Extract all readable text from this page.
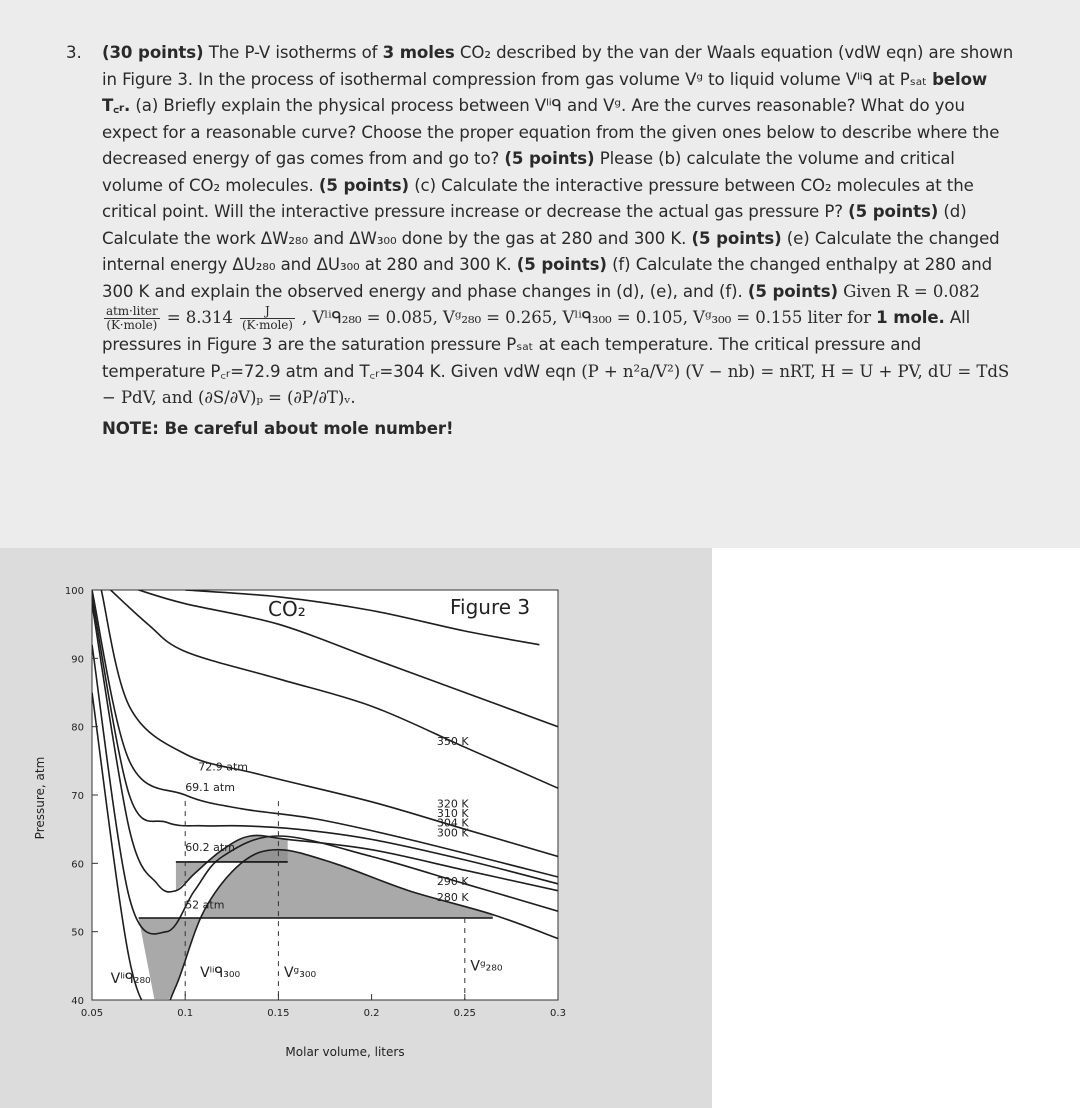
3. (30 points) The P-V isotherms of 3 moles CO₂ described by the van der Waals equation (vdW eqn) are shown in Figure 3. In the process of isothermal compression from gas volume Vᵍ to liquid volume Vˡⁱᑫ at Pₛₐₜ below T꜀ᵣ. (a) Briefly explain the physical process between Vˡⁱᑫ and Vᵍ. Are the curves reasonable? What do you expect for a reasonable curve? Choose the proper equation from the given ones below to describe where the decreased energy of gas comes from and go to? (5 points) Please (b) calculate the volume and critical volume of CO₂ molecules. (5 points) (c) Calculate the interactive pressure between CO₂ molecules at the critical point. Will the interactive pressure increase or decrease the actual gas pressure P? (5 points) (d) Calculate the work ΔW₂₈₀ and ΔW₃₀₀ done by the gas at 280 and 300 K. (5 points) (e) Calculate the changed internal energy ΔU₂₈₀ and ΔU₃₀₀ at 280 and 300 K. (5 points) (f) Calculate the changed enthalpy at 280 and 300 K and explain the observed energy and phase changes in (d), (e), and (f). (5 points) Given R = 0.082
$\frac{\text{atm·liter}}{\text{(K·mole)}} = 8.314 \frac{J}{\text{(K·mole)}}$ , Vˡⁱᑫ₂₈₀ = 0.085, Vᵍ₂₈₀ = 0.265, Vˡⁱᑫ₃₀₀ = 0.105, Vᵍ₃₀₀ = 0.155 liter for 1 mole. All pressures in Figure 3 are the saturation pressure Pₛₐₜ at each temperature. The critical pressure and temperature P꜀ᵣ=72.9 atm and T꜀ᵣ=304 K. Given vdW eqn (P + n²a/V²) (V − nb) = nRT, H = U + PV, dU = TdS − PdV, and (∂S/∂V)ₚ = (∂P/∂T)ᵥ.
NOTE: Be careful about mole number!
0.05	0.1	0.15	0.2	0.25	0.3
40
50
60
70
80
90
100
Pressure, atm
Molar volume, liters
Figure 3
CO₂
72.9 atm
69.1 atm
60.2 atm
52 atm
350 K
320 K
310 K
304 K
300 K
290 K
280 K
Vˡⁱᑫ₂₈₀	Vˡⁱᑫ₃₀₀	Vᵍ₃₀₀	Vᵍ₂₈₀
